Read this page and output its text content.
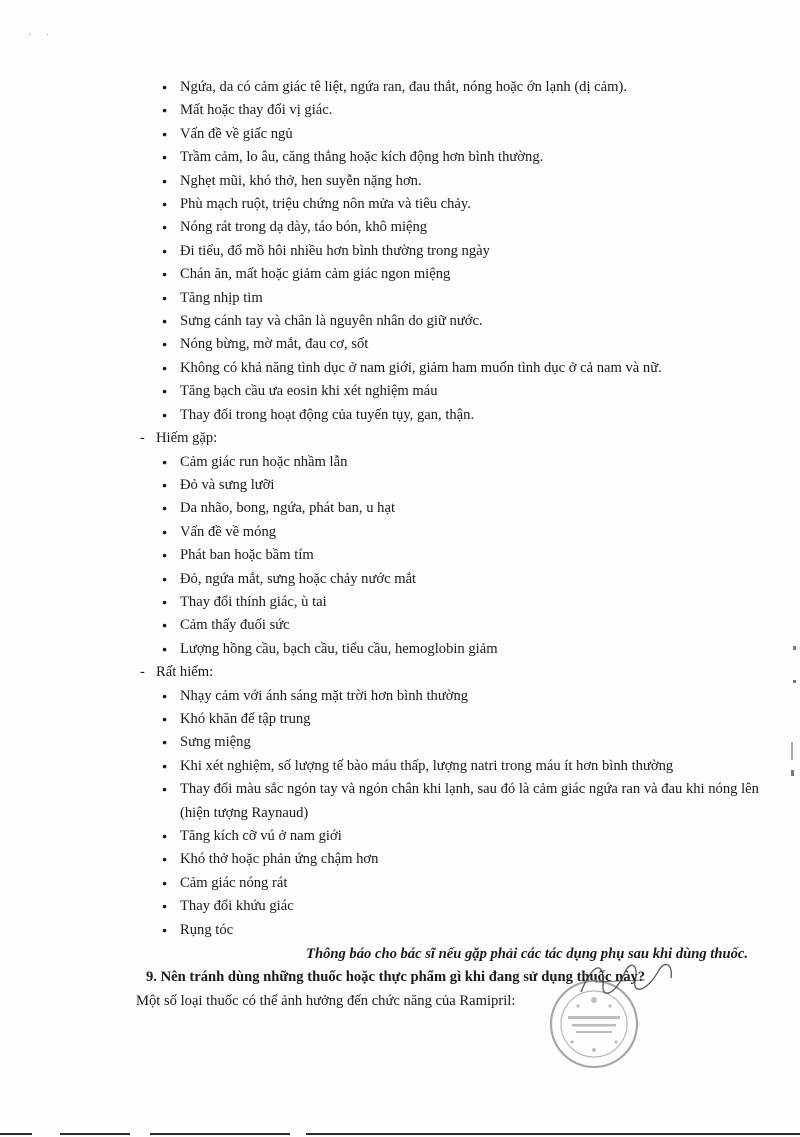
· ·
● Ngứa, da có cảm giác tê liệt, ngứa ran, đau thắt, nóng hoặc ớn lạnh (dị cảm).
● Mất hoặc thay đổi vị giác.
● Vấn đề về giấc ngủ
● Trầm cảm, lo âu, căng thẳng hoặc kích động hơn bình thường.
● Nghẹt mũi, khó thở, hen suyễn nặng hơn.
● Phù mạch ruột, triệu chứng nôn mửa và tiêu chảy.
● Nóng rát trong dạ dày, táo bón, khô miệng
● Đi tiểu, đổ mồ hôi nhiều hơn bình thường trong ngày
● Chán ăn, mất hoặc giảm cảm giác ngon miệng
● Tăng nhịp tim
● Sưng cánh tay và chân là nguyên nhân do giữ nước.
● Nóng bừng, mờ mắt, đau cơ, sốt
● Không có khả năng tình dục ở nam giới, giảm ham muốn tình dục ở cả nam và nữ.
● Tăng bạch cầu ưa eosin khi xét nghiệm máu
● Thay đổi trong hoạt động của tuyến tụy, gan, thận.
- Hiếm gặp:
● Cảm giác run hoặc nhầm lẫn
● Đỏ và sưng lưỡi
● Da nhão, bong, ngứa, phát ban, u hạt
● Vấn đề về móng
● Phát ban hoặc bầm tím
● Đỏ, ngứa mắt, sưng hoặc chảy nước mắt
● Thay đổi thính giác, ù tai
● Cảm thấy đuối sức
● Lượng hồng cầu, bạch cầu, tiểu cầu, hemoglobin giảm
- Rất hiếm:
● Nhạy cảm với ánh sáng mặt trời hơn bình thường
● Khó khăn để tập trung
● Sưng miệng
● Khi xét nghiệm, số lượng tế bào máu thấp, lượng natri trong máu ít hơn bình thường
● Thay đổi màu sắc ngón tay và ngón chân khi lạnh, sau đó là cảm giác ngứa ran và đau khi nóng lên (hiện tượng Raynaud)
● Tăng kích cỡ vú ở nam giới
● Khó thở hoặc phản ứng chậm hơn
● Cảm giác nóng rát
● Thay đổi khứu giác
● Rụng tóc
Thông báo cho bác sĩ nếu gặp phải các tác dụng phụ sau khi dùng thuốc.
9. Nên tránh dùng những thuốc hoặc thực phẩm gì khi đang sử dụng thuốc này?
Một số loại thuốc có thể ảnh hưởng đến chức năng của Ramipril:
